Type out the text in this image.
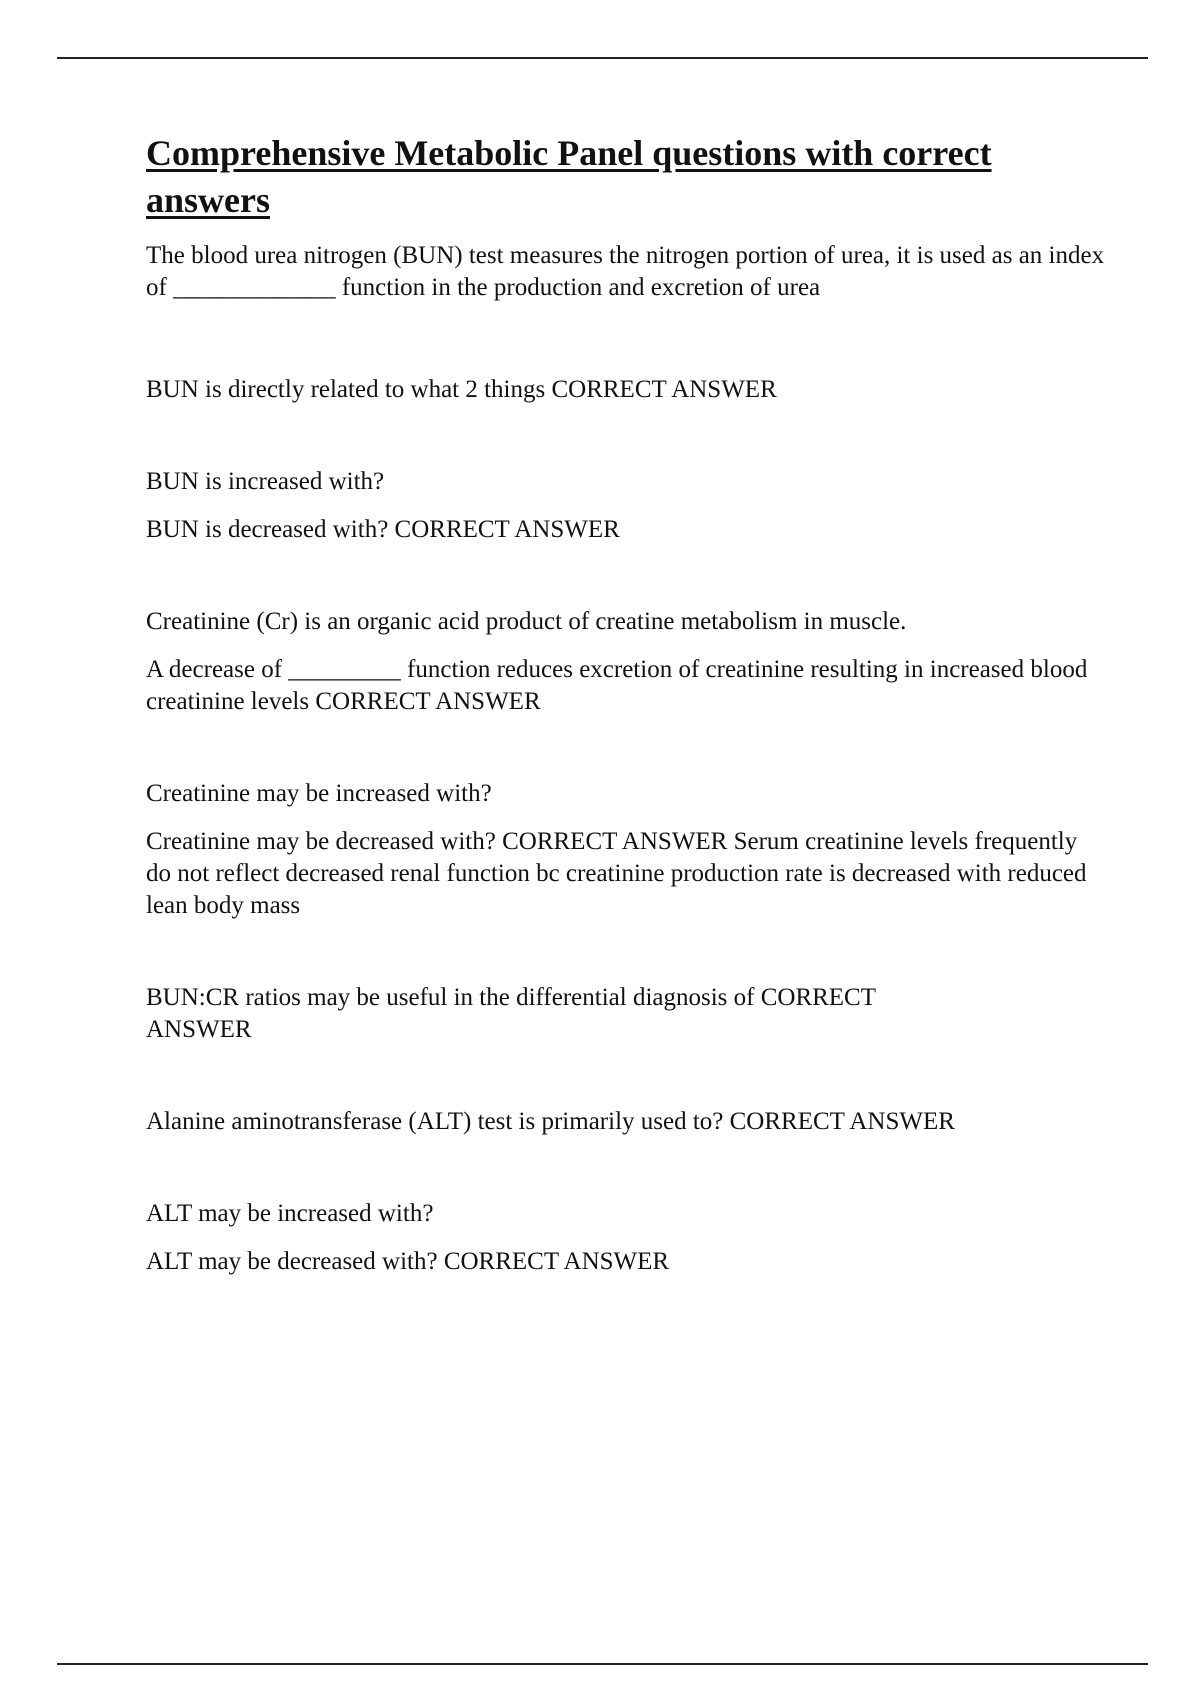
Comprehensive Metabolic Panel questions with correct answers

The blood urea nitrogen (BUN) test measures the nitrogen portion of urea, it is used as an index of _____________ function in the production and excretion of urea

BUN is directly related to what 2 things CORRECT ANSWER

BUN is increased with?

BUN is decreased with? CORRECT ANSWER

Creatinine (Cr) is an organic acid product of creatine metabolism in muscle.

A decrease of _________ function reduces excretion of creatinine resulting in increased blood creatinine levels CORRECT ANSWER

Creatinine may be increased with?

Creatinine may be decreased with? CORRECT ANSWER Serum creatinine levels frequently do not reflect decreased renal function bc creatinine production rate is decreased with reduced lean body mass

BUN:CR ratios may be useful in the differential diagnosis of CORRECT ANSWER

Alanine aminotransferase (ALT) test is primarily used to? CORRECT ANSWER

ALT may be increased with?

ALT may be decreased with? CORRECT ANSWER
